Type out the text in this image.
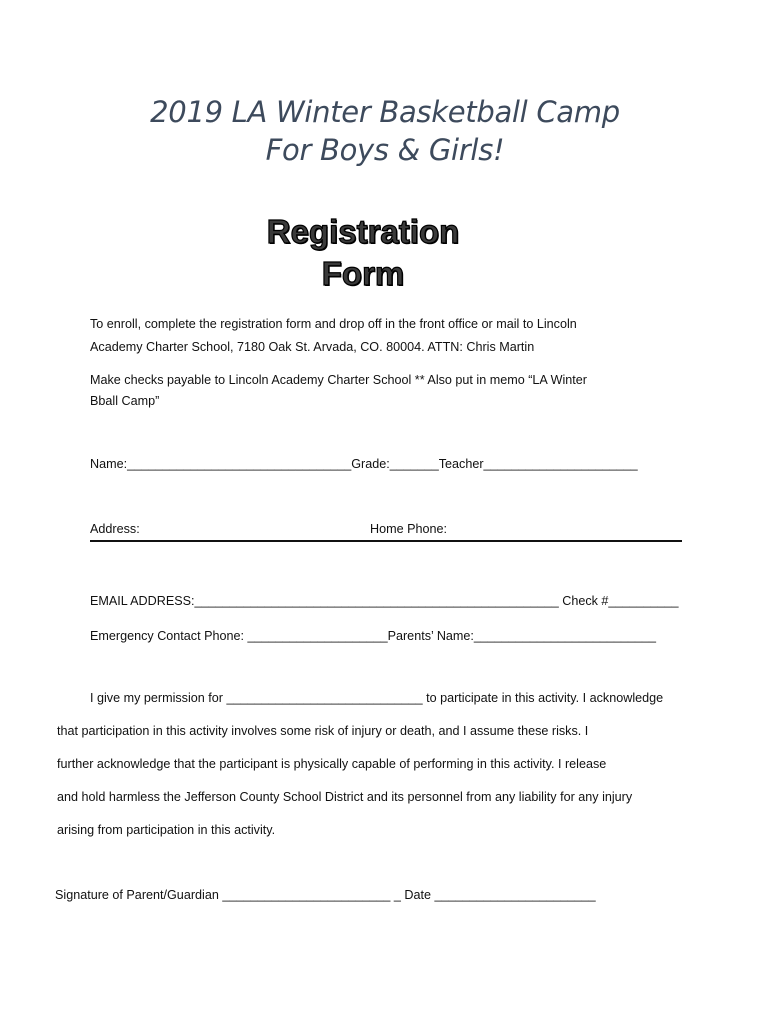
2019 LA Winter Basketball Camp
For Boys & Girls!
Registration
Form
To enroll, complete the registration form and drop off in the front office or mail to Lincoln
Academy Charter School, 7180 Oak St. Arvada, CO. 80004. ATTN: Chris Martin
Make checks payable to Lincoln Academy Charter School ** Also put in memo “LA Winter
Bball Camp”
Name:________________________________Grade:_______Teacher______________________
Address:	Home Phone:
EMAIL ADDRESS:____________________________________________________ Check #__________
Emergency Contact Phone: ____________________Parents’ Name:__________________________
I give my permission for ____________________________ to participate in this activity. I acknowledge
that participation in this activity involves some risk of injury or death, and I assume these risks. I
further acknowledge that the participant is physically capable of performing in this activity. I release
and hold harmless the Jefferson County School District and its personnel from any liability for any injury
arising from participation in this activity.
Signature of Parent/Guardian ________________________ _ Date _______________________
